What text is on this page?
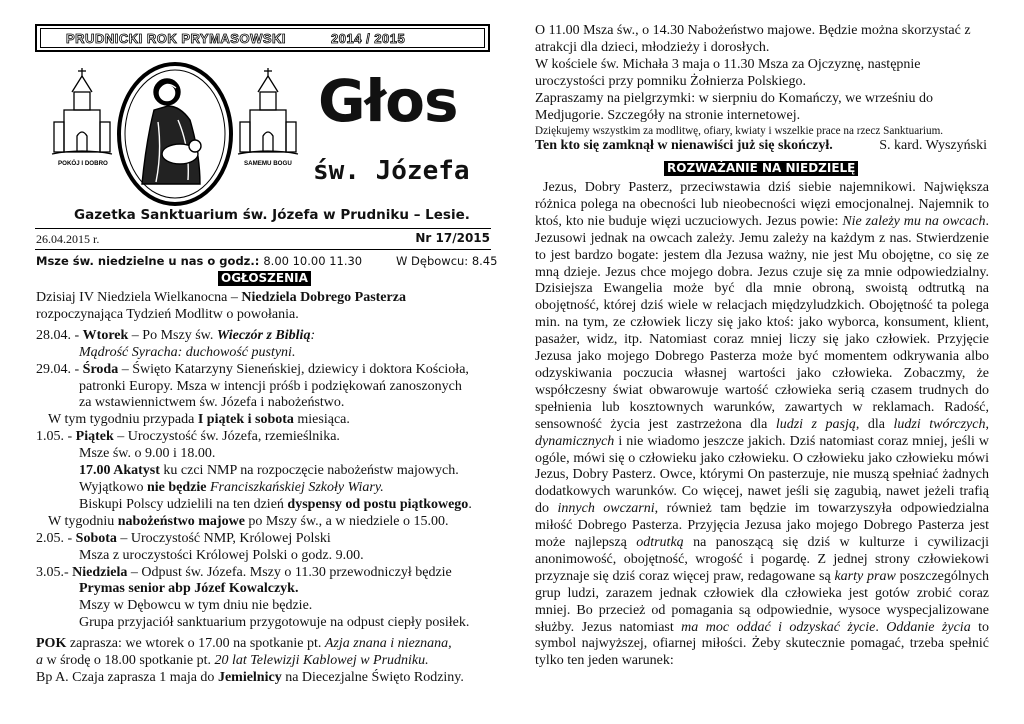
PRUDNICKI ROK PRYMASOWSKI	2014 / 2015
POKÓJ I DOBRO	SAMEMU BOGU
Głos
św. Józefa
Gazetka Sanktuarium św. Józefa w Prudniku – Lesie.
26.04.2015 r.	Nr 17/2015
Msze św. niedzielne u nas o godz.: 8.00 10.00 11.30	W Dębowcu: 8.45
OGŁOSZENIA

Dzisiaj IV Niedziela Wielkanocna – Niedziela Dobrego Pasterza

rozpoczynająca Tydzień Modlitw o powołania.

28.04. - Wtorek – Po Mszy św. Wieczór z Biblią:

Mądrość Syracha: duchowość pustyni.

29.04. - Środa – Święto Katarzyny Sieneńskiej, dziewicy i doktora Kościoła,

patronki Europy. Msza w intencji próśb i podziękowań zanoszonych

za wstawiennictwem św. Józefa i nabożeństwo.

W tym tygodniu przypada I piątek i sobota miesiąca.

1.05. - Piątek – Uroczystość św. Józefa, rzemieślnika.

Msze św. o 9.00 i 18.00.

17.00 Akatyst ku czci NMP na rozpoczęcie nabożeństw majowych.

Wyjątkowo nie będzie Franciszkańskiej Szkoły Wiary.

Biskupi Polscy udzielili na ten dzień dyspensy od postu piątkowego.

W tygodniu nabożeństwo majowe po Mszy św., a w niedziele o 15.00.

2.05. - Sobota – Uroczystość NMP, Królowej Polski

Msza z uroczystości Królowej Polski o godz. 9.00.

3.05.- Niedziela – Odpust św. Józefa. Mszy o 11.30 przewodniczył będzie

Prymas senior abp Józef Kowalczyk.

Mszy w Dębowcu w tym dniu nie będzie.

Grupa przyjaciół sanktuarium przygotowuje na odpust ciepły posiłek.

POK zaprasza: we wtorek o 17.00 na spotkanie pt. Azja znana i nieznana,

a w środę o 18.00 spotkanie pt. 20 lat Telewizji Kablowej w Prudniku.

Bp A. Czaja zaprasza 1 maja do Jemielnicy na Diecezjalne Święto Rodziny.

O 11.00 Msza św., o 14.30 Nabożeństwo majowe. Będzie można skorzystać z

atrakcji dla dzieci, młodzieży i dorosłych.

W kościele św. Michała 3 maja o 11.30 Msza za Ojczyznę, następnie

uroczystości przy pomniku Żołnierza Polskiego.

Zapraszamy na pielgrzymki: w sierpniu do Komańczy, we wrześniu do

Medjugorie. Szczegóły na stronie internetowej.

Dziękujemy wszystkim za modlitwę, ofiary, kwiaty i wszelkie prace na rzecz Sanktuarium.

Ten kto się zamknął w nienawiści już się skończył.	S. kard. Wyszyński

ROZWAŻANIE NA NIEDZIELĘ

Jezus, Dobry Pasterz, przeciwstawia dziś siebie najemnikowi. Największa różnica polega na obecności lub nieobecności więzi emocjonalnej. Najemnik to ktoś, kto nie buduje więzi uczuciowych. Jezus powie: Nie zależy mu na owcach. Jezusowi jednak na owcach zależy. Jemu zależy na każdym z nas. Stwierdzenie to jest bardzo bogate: jestem dla Jezusa ważny, nie jest Mu obojętne, co się ze mną dzieje. Jezus chce mojego dobra. Jezus czuje się za mnie odpowiedzialny. Dzisiejsza Ewangelia może być dla mnie obroną, swoistą odtrutką na obojętność, której dziś wiele w relacjach międzyludzkich. Obojętność ta polega min. na tym, ze człowiek liczy się jako ktoś: jako wyborca, konsument, klient, pasażer, widz, itp. Natomiast coraz mniej liczy się jako człowiek. Przyjęcie Jezusa jako mojego Dobrego Pasterza może być momentem odkrywania albo odzyskiwania poczucia własnej wartości jako człowieka. Zobaczmy, że współczesny świat obwarowuje wartość człowieka serią czasem trudnych do spełnienia lub kosztownych warunków, zawartych w reklamach. Radość, sensowność życia jest zastrzeżona dla ludzi z pasją, dla ludzi twórczych, dynamicznych i nie wiadomo jeszcze jakich. Dziś natomiast coraz mniej, jeśli w ogóle, mówi się o człowieku jako człowieku. O człowieku jako człowieku mówi Jezus, Dobry Pasterz. Owce, którymi On pasterzuje, nie muszą spełniać żadnych dodatkowych warunków. Co więcej, nawet jeśli się zagubią, nawet jeżeli trafią do innych owczarni, również tam będzie im towarzyszyła odpowiedzialna miłość Dobrego Pasterza. Przyjęcia Jezusa jako mojego Dobrego Pasterza jest może najlepszą odtrutką na panoszącą się dziś w kulturze i cywilizacji anonimowość, obojętność, wrogość i pogardę. Z jednej strony człowiekowi przyznaje się dziś coraz więcej praw, redagowane są karty praw poszczególnych grup ludzi, zarazem jednak człowiek dla człowieka jest gotów zrobić coraz mniej. Bo przecież od pomagania są odpowiednie, wysoce wyspecjalizowane służby. Jezus natomiast ma moc oddać i odzyskać życie. Oddanie życia to symbol najwyższej, ofiarnej miłości. Żeby skutecznie pomagać, trzeba spełnić tylko ten jeden warunek:
